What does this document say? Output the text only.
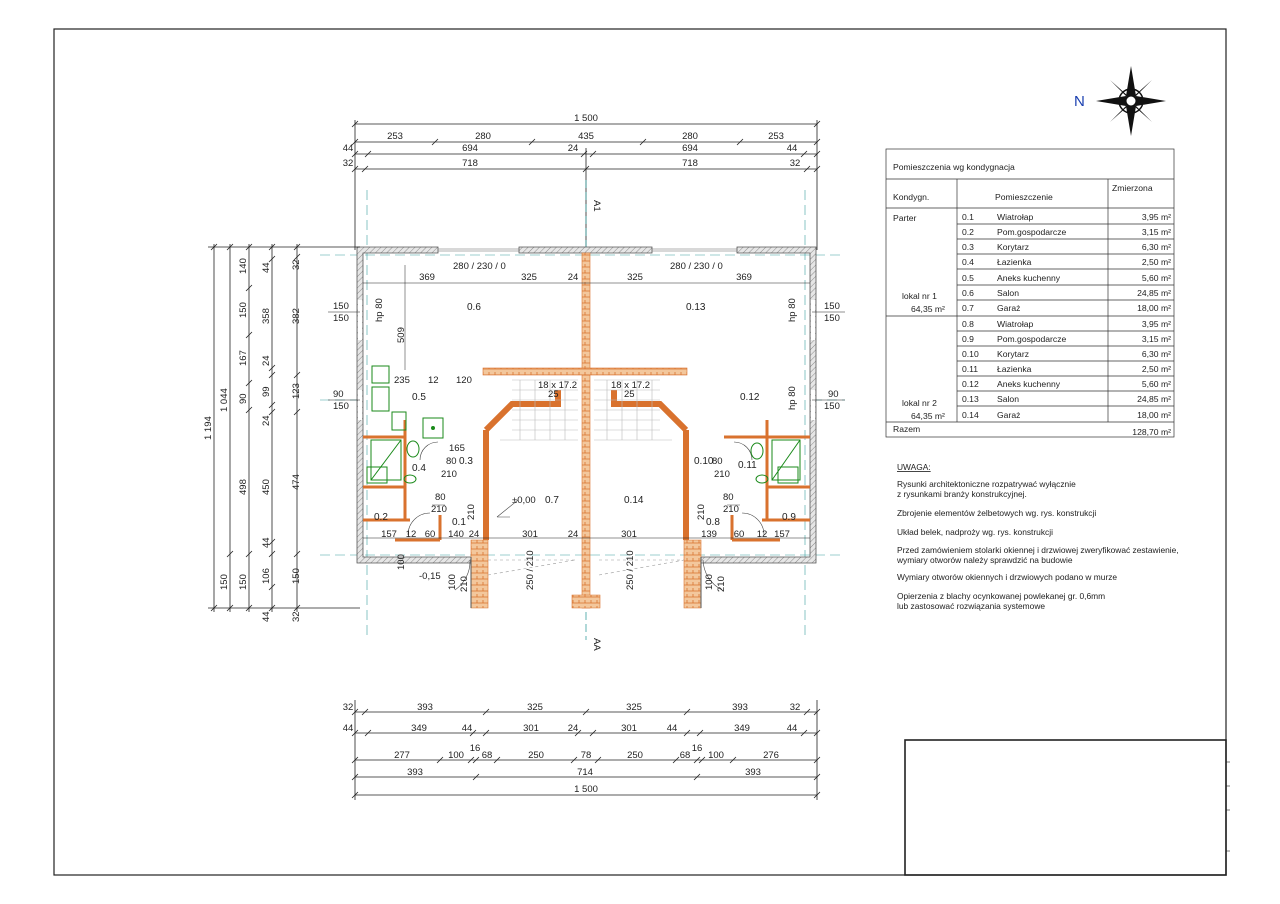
N
1 500
253	280	435	280	253
44	694	24	694	44
32	718	718	32
A1
AA
18 x 17.2	18 x 17.2
25	25
250 / 210	250 / 210
280 / 230 / 0	280 / 230 / 0
369	325	24	325	369
157 12 60 140 24	301	24	301	139 60 12 157
150
150
90
150
150
150
90
150
hp 80	hp 80
hp 80
509
235 12 120
165
80
210
80
210
80
210
80
210
100 210	100 210
210	210
100
±0,00
-0,15
0.6
0.5
0.4
0.3
0.2	0.1
0.7
0.13
0.12
0.11
0.10
0.9
0.8
0.14
1 194
1 044
150
140
150
167
90
498
150
44
358
24
99
24
450
44
106
44
32
382
123
474
150
32
32	393	325	325	393	32
44	349	44	301	24	301	44	349	44
277	100
16
68	250	78	250	68
16
100	276
393	714	393
1 500
Pomieszczenia wg kondygnacja
Kondygn.	Pomieszczenie
Zmierzona
Parter
lokal nr 1
64,35 m²
lokal nr 2
64,35 m²
Razem	128,70 m²
0.1	Wiatrołap	3,95 m²
0.2	Pom.gospodarcze	3,15 m²
0.3	Korytarz	6,30 m²
0.4	Łazienka	2,50 m²
0.5	Aneks kuchenny	5,60 m²
0.6	Salon	24,85 m²
0.7	Garaż	18,00 m²
0.8	Wiatrołap	3,95 m²
0.9	Pom.gospodarcze	3,15 m²
0.10 Korytarz	6,30 m²
0.11 Łazienka	2,50 m²
0.12 Aneks kuchenny	5,60 m²
0.13 Salon	24,85 m²
0.14 Garaż	18,00 m²
UWAGA:
Rysunki architektoniczne rozpatrywać wyłącznie
z rysunkami branży konstrukcyjnej.
Zbrojenie elementów żelbetowych wg. rys. konstrukcji
Układ belek, nadproży wg. rys. konstrukcji
Przed zamówieniem stolarki okiennej i drzwiowej zweryfikować zestawienie,
wymiary otworów należy sprawdzić na budowie
Wymiary otworów okiennych i drzwiowych podano w murze
Opierzenia z blachy ocynkowanej powlekanej gr. 0,6mm
lub zastosować rozwiązania systemowe
